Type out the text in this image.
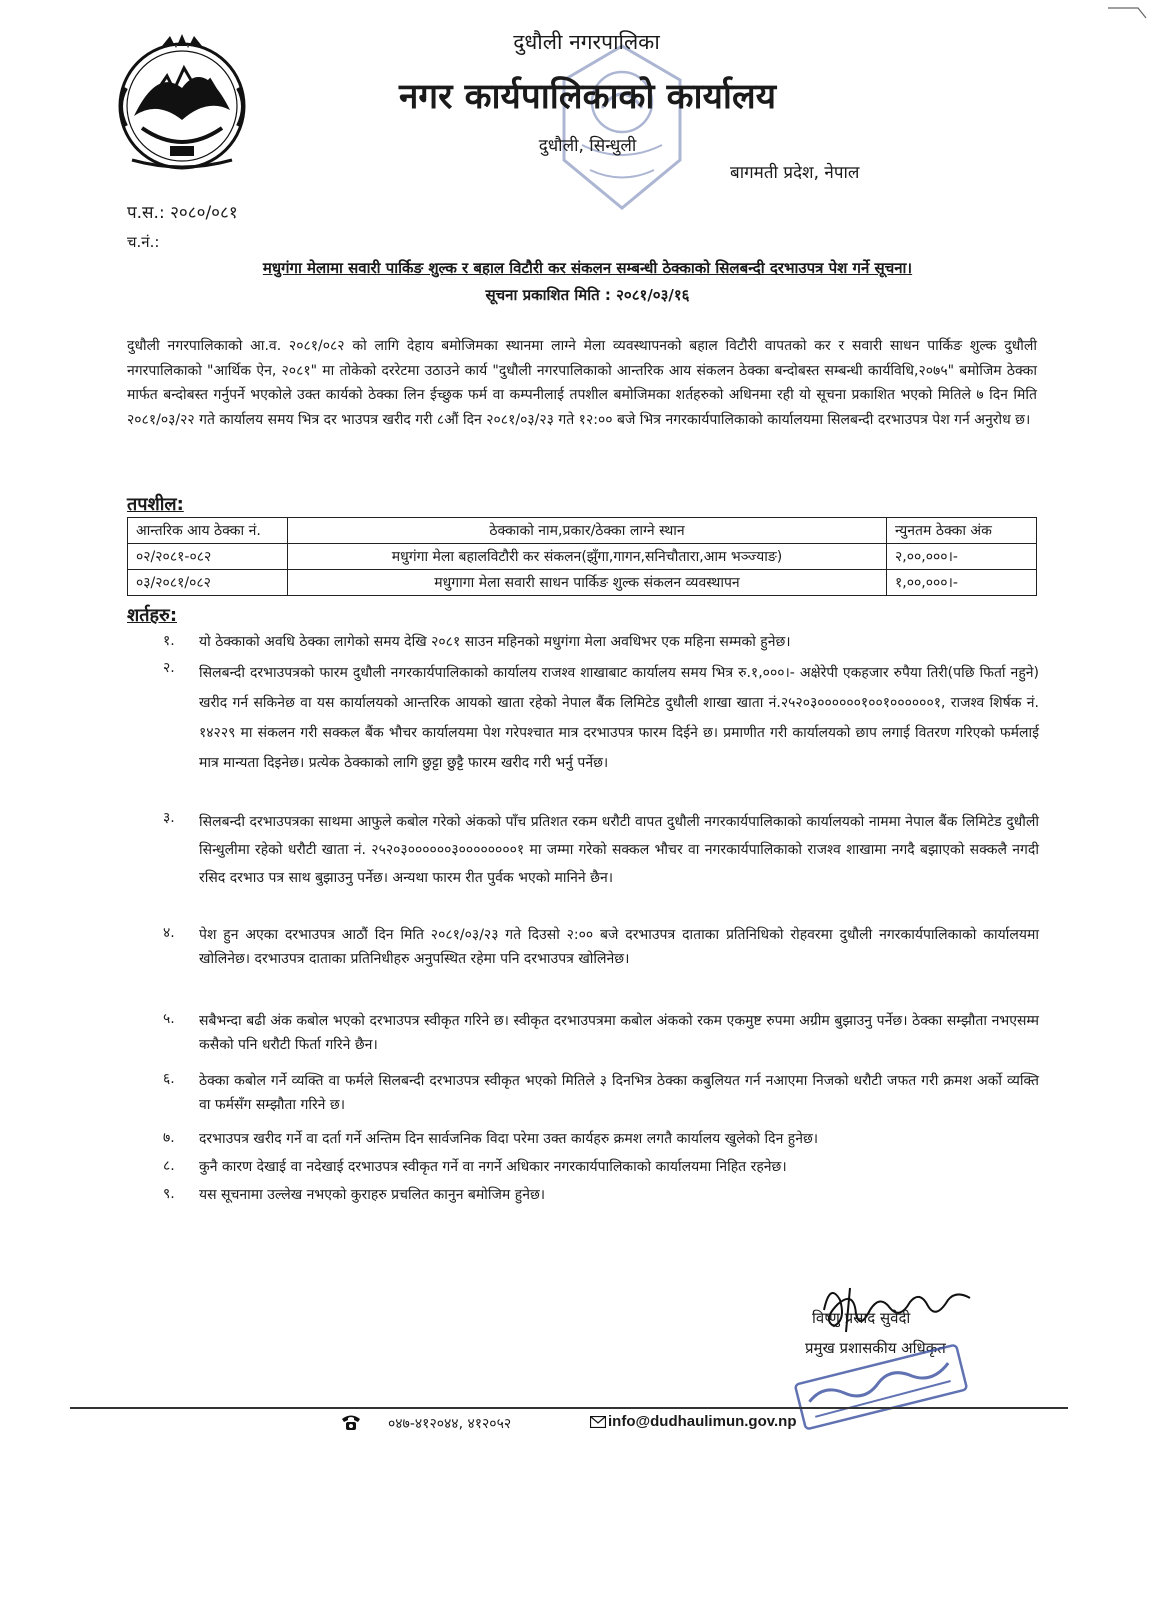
दुधौली नगरपालिका
नगर कार्यपालिकाको कार्यालय
दुधौली, सिन्धुली
बागमती प्रदेश, नेपाल
प.स.: २०८०/०८१
च.नं.:
मधुगंगा मेलामा सवारी पार्किङ शुल्क र बहाल विटौरी कर संकलन सम्बन्धी ठेक्काको सिलबन्दी दरभाउपत्र पेश गर्ने सूचना।
सूचना प्रकाशित मिति : २०८१/०३/१६

दुधौली नगरपालिकाको आ.व. २०८१/०८२ को लागि देहाय बमोजिमका स्थानमा लाग्ने मेला व्यवस्थापनको बहाल विटौरी वापतको कर र सवारी साधन पार्किङ शुल्क दुधौली नगरपालिकाको "आर्थिक ऐन, २०८१" मा तोकेको दररेटमा उठाउने कार्य "दुधौली नगरपालिकाको आन्तरिक आय संकलन ठेक्का बन्दोबस्त सम्बन्धी कार्यविधि,२०७५" बमोजिम ठेक्का मार्फत बन्दोबस्त गर्नुपर्ने भएकोले उक्त कार्यको ठेक्का लिन ईच्छुक फर्म वा कम्पनीलाई तपशील बमोजिमका शर्तहरुको अधिनमा रही यो सूचना प्रकाशित भएको मितिले ७ दिन मिति २०८१/०३/२२ गते कार्यालय समय भित्र दर भाउपत्र खरीद गरी ८औं दिन २०८१/०३/२३ गते १२:०० बजे भित्र नगरकार्यपालिकाको कार्यालयमा सिलबन्दी दरभाउपत्र पेश गर्न अनुरोध छ।

तपशील:
आन्तरिक आय ठेक्का नं.	ठेक्काको नाम,प्रकार/ठेक्का लाग्ने स्थान	न्युनतम ठेक्का अंक
०२/२०८१-०८२	मधुगंगा मेला बहालविटौरी कर संकलन(झुँगा,गागन,सनिचौतारा,आम भञ्ज्याङ)	२,००,०००।-
०३/२०८१/०८२	मधुगागा मेला सवारी साधन पार्किङ शुल्क संकलन व्यवस्थापन	१,००,०००।-
शर्तहरु:
१. यो ठेक्काको अवधि ठेक्का लागेको समय देखि २०८१ साउन महिनको मधुगंगा मेला अवधिभर एक महिना सम्मको हुनेछ।
२. सिलबन्दी दरभाउपत्रको फारम दुधौली नगरकार्यपालिकाको कार्यालय राजश्व शाखाबाट कार्यालय समय भित्र रु.१,०००।- अक्षेरेपी एकहजार रुपैया तिरी(पछि फिर्ता नहुने) खरीद गर्न सकिनेछ वा यस कार्यालयको आन्तरिक आयको खाता रहेको नेपाल बैंक लिमिटेड दुधौली शाखा खाता नं.२५२०३००००००१००१००००००१, राजश्व शिर्षक नं. १४२२९ मा संकलन गरी सक्कल बैंक भौचर कार्यालयमा पेश गरेपश्चात मात्र दरभाउपत्र फारम दिईने छ। प्रमाणीत गरी कार्यालयको छाप लगाई वितरण गरिएको फर्मलाई मात्र मान्यता दिइनेछ। प्रत्येक ठेक्काको लागि छुट्टा छुट्टै फारम खरीद गरी भर्नु पर्नेछ।
३. सिलबन्दी दरभाउपत्रका साथमा आफुले कबोल गरेको अंकको पाँच प्रतिशत रकम धरौटी वापत दुधौली नगरकार्यपालिकाको कार्यालयको नाममा नेपाल बैंक लिमिटेड दुधौली सिन्धुलीमा रहेको धरौटी खाता नं. २५२०३००००००३००००००००१ मा जम्मा गरेको सक्कल भौचर वा नगरकार्यपालिकाको राजश्व शाखामा नगदै बझाएको सक्कलै नगदी रसिद दरभाउ पत्र साथ बुझाउनु पर्नेछ। अन्यथा फारम रीत पुर्वक भएको मानिने छैन।
४. पेश हुन अएका दरभाउपत्र आठौं दिन मिति २०८१/०३/२३ गते दिउसो २:०० बजे दरभाउपत्र दाताका प्रतिनिधिको रोहवरमा दुधौली नगरकार्यपालिकाको कार्यालयमा खोलिनेछ। दरभाउपत्र दाताका प्रतिनिधीहरु अनुपस्थित रहेमा पनि दरभाउपत्र खोलिनेछ।
५. सबैभन्दा बढी अंक कबोल भएको दरभाउपत्र स्वीकृत गरिने छ। स्वीकृत दरभाउपत्रमा कबोल अंकको रकम एकमुष्ट रुपमा अग्रीम बुझाउनु पर्नेछ। ठेक्का सम्झौता नभएसम्म कसैको पनि धरौटी फिर्ता गरिने छैन।
६. ठेक्का कबोल गर्ने व्यक्ति वा फर्मले सिलबन्दी दरभाउपत्र स्वीकृत भएको मितिले ३ दिनभित्र ठेक्का कबुलियत गर्न नआएमा निजको धरौटी जफत गरी क्रमश अर्को व्यक्ति वा फर्मसँग सम्झौता गरिने छ।
७. दरभाउपत्र खरीद गर्ने वा दर्ता गर्ने अन्तिम दिन सार्वजनिक विदा परेमा उक्त कार्यहरु क्रमश लगतै कार्यालय खुलेको दिन हुनेछ।
८. कुनै कारण देखाई वा नदेखाई दरभाउपत्र स्वीकृत गर्ने वा नगर्ने अधिकार नगरकार्यपालिकाको कार्यालयमा निहित रहनेछ।
९. यस सूचनामा उल्लेख नभएको कुराहरु प्रचलित कानुन बमोजिम हुनेछ।
विष्णु प्रसाद सुवेदी
प्रमुख प्रशासकीय अधिकृत
०४७-४१२०४४, ४१२०५२	info@dudhaulimun.gov.np
